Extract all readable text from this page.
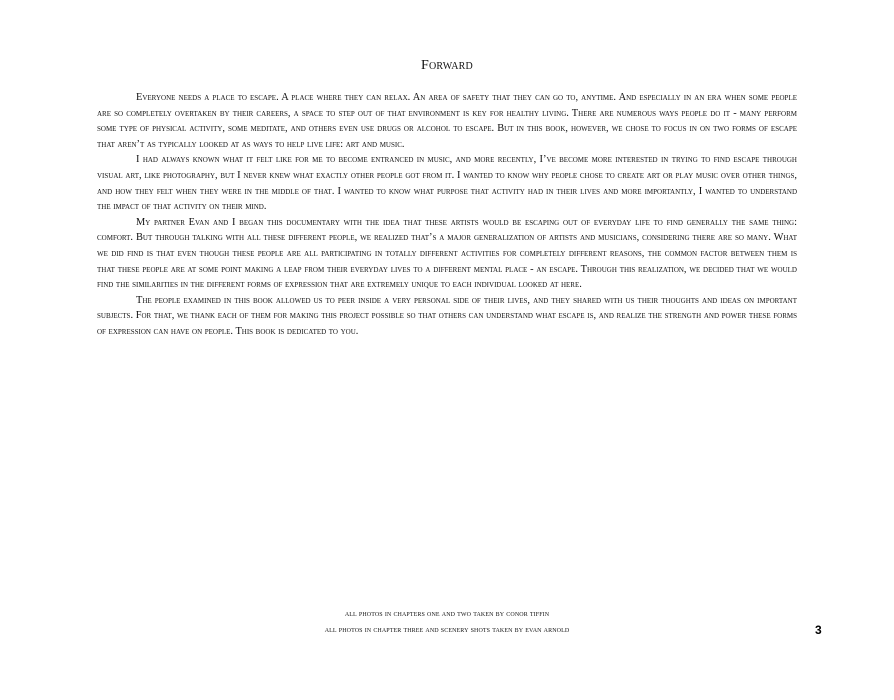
Forward

Everyone needs a place to escape. A place where they can relax. An area of safety that they can go to, anytime. And especially in an era when some people are so completely overtaken by their careers, a space to step out of that environment is key for healthy living. There are numerous ways people do it - many perform some type of physical activity, some meditate, and others even use drugs or alcohol to escape. But in this book, however, we chose to focus in on two forms of escape that aren’t as typically looked at as ways to help live life: art and music.

I had always known what it felt like for me to become entranced in music, and more recently, I’ve become more interested in trying to find escape through visual art, like photography, but I never knew what exactly other people got from it. I wanted to know why people chose to create art or play music over other things, and how they felt when they were in the middle of that. I wanted to know what purpose that activity had in their lives and more importantly, I wanted to understand the impact of that activity on their mind.

My partner Evan and I began this documentary with the idea that these artists would be escaping out of everyday life to find generally the same thing: comfort. But through talking with all these different people, we realized that’s a major generalization of artists and musicians, considering there are so many. What we did find is that even though these people are all participating in totally different activities for completely different reasons, the common factor between them is that these people are at some point making a leap from their everyday lives to a different mental place - an escape. Through this realization, we decided that we would find the similarities in the different forms of expression that are extremely unique to each individual looked at here.

The people examined in this book allowed us to peer inside a very personal side of their lives, and they shared with us their thoughts and ideas on important subjects. For that, we thank each of them for making this project possible so that others can understand what escape is, and realize the strength and power these forms of expression can have on people. This book is dedicated to you.

all photos in chapters one and two taken by conor tiffin
all photos in chapter three and scenery shots taken by evan arnold	3
